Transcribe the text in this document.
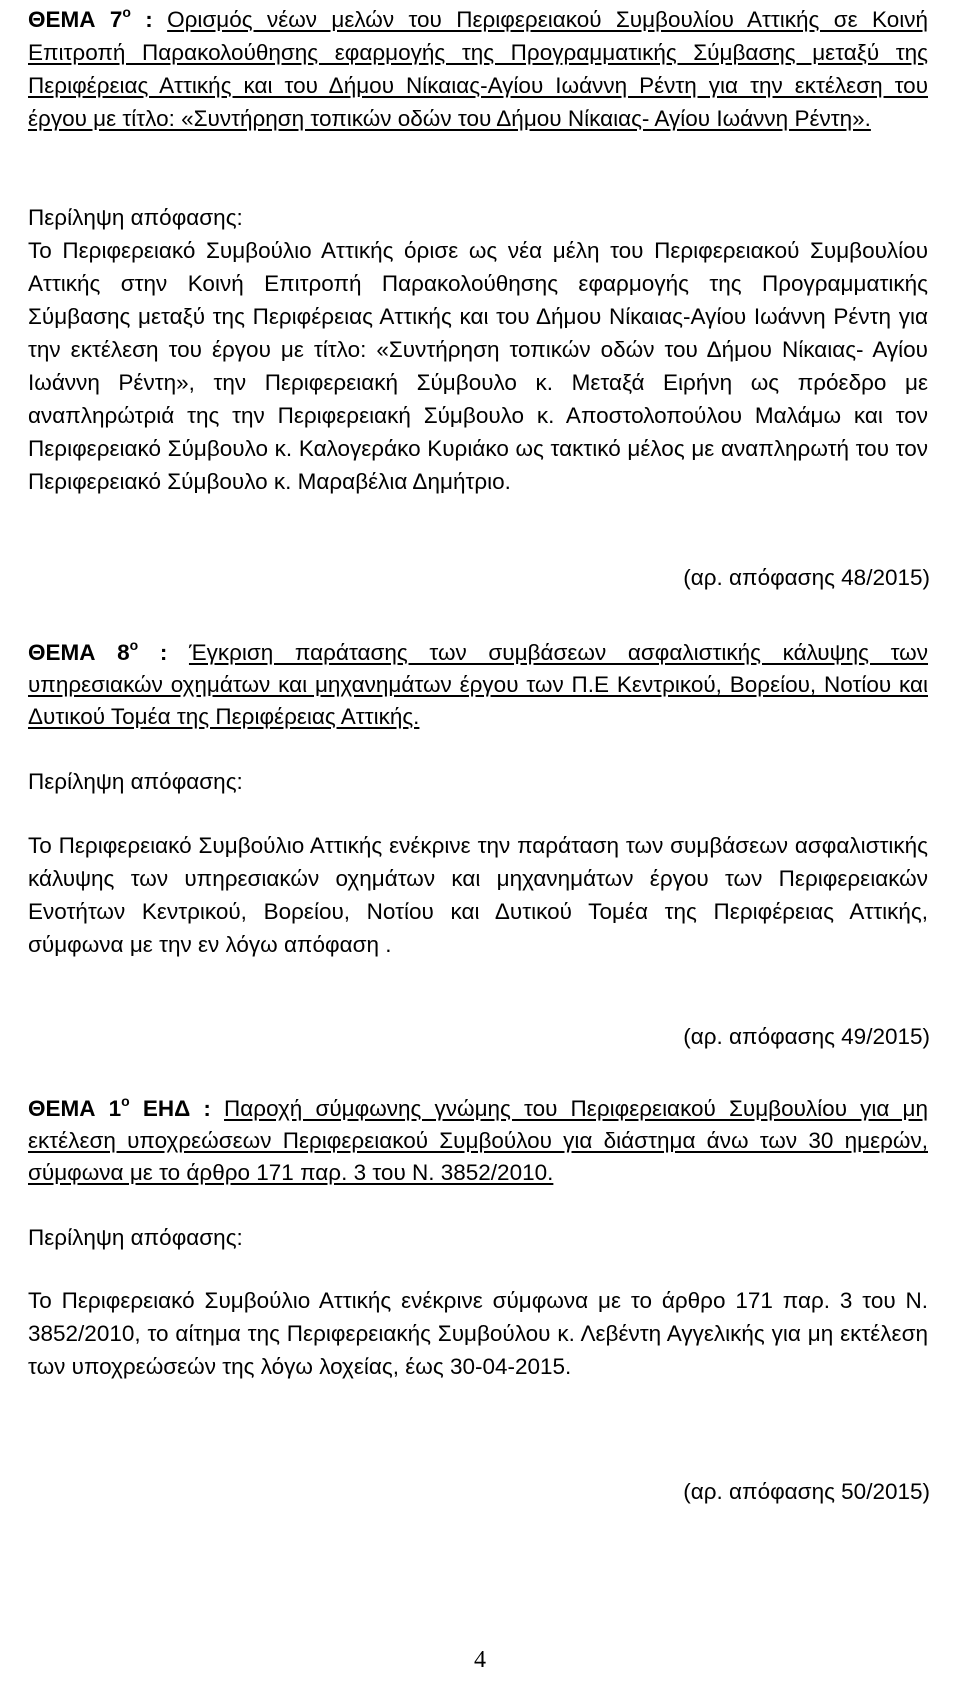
ΘΕΜΑ $7^o$ : Ορισμός νέων μελών του Περιφερειακού Συμβουλίου Αττικής σε Κοινή Επιτροπή Παρακολούθησης εφαρμογής της Προγραμματικής Σύμβασης μεταξύ της Περιφέρειας Αττικής και του Δήμου Νίκαιας-Αγίου Ιωάννη Ρέντη για την εκτέλεση του έργου με τίτλο: «Συντήρηση τοπικών οδών του Δήμου Νίκαιας- Αγίου Ιωάννη Ρέντη».
Περίληψη απόφασης:
Το Περιφερειακό Συμβούλιο Αττικής όρισε ως νέα μέλη του Περιφερειακού Συμβουλίου Αττικής στην Κοινή Επιτροπή Παρακολούθησης εφαρμογής της Προγραμματικής Σύμβασης μεταξύ της Περιφέρειας Αττικής και του Δήμου Νίκαιας-Αγίου Ιωάννη Ρέντη για την εκτέλεση του έργου με τίτλο: «Συντήρηση τοπικών οδών του Δήμου Νίκαιας- Αγίου Ιωάννη Ρέντη», την Περιφερειακή Σύμβουλο κ. Μεταξά Ειρήνη ως πρόεδρο με αναπληρώτριά της την Περιφερειακή Σύμβουλο κ. Αποστολοπούλου Μαλάμω και τον Περιφερειακό Σύμβουλο κ. Καλογεράκο Κυριάκο ως τακτικό μέλος με αναπληρωτή του τον Περιφερειακό Σύμβουλο κ. Μαραβέλια Δημήτριο.
(αρ. απόφασης 48/2015)
ΘΕΜΑ $8^o$ : Έγκριση παράτασης των συμβάσεων ασφαλιστικής κάλυψης των υπηρεσιακών οχημάτων και μηχανημάτων έργου των Π.Ε Κεντρικού, Βορείου, Νοτίου και Δυτικού Τομέα της Περιφέρειας Αττικής.
Περίληψη απόφασης:
Το Περιφερειακό Συμβούλιο Αττικής ενέκρινε την παράταση των συμβάσεων ασφαλιστικής κάλυψης των υπηρεσιακών οχημάτων και μηχανημάτων έργου των Περιφερειακών Ενοτήτων Κεντρικού, Βορείου, Νοτίου και Δυτικού Τομέα της Περιφέρειας Αττικής, σύμφωνα με την εν λόγω απόφαση .
(αρ. απόφασης 49/2015)
ΘΕΜΑ $1^o$ ΕΗΔ : Παροχή σύμφωνης γνώμης του Περιφερειακού Συμβουλίου για μη εκτέλεση υποχρεώσεων Περιφερειακού Συμβούλου για διάστημα άνω των 30 ημερών, σύμφωνα με το άρθρο 171 παρ. 3 του Ν. 3852/2010.
Περίληψη απόφασης:
Το Περιφερειακό Συμβούλιο Αττικής ενέκρινε σύμφωνα με το άρθρο 171 παρ. 3 του Ν. 3852/2010, το αίτημα της Περιφερειακής Συμβούλου κ. Λεβέντη Αγγελικής για μη εκτέλεση των υποχρεώσεών της λόγω λοχείας, έως 30-04-2015.
(αρ. απόφασης 50/2015)
4
